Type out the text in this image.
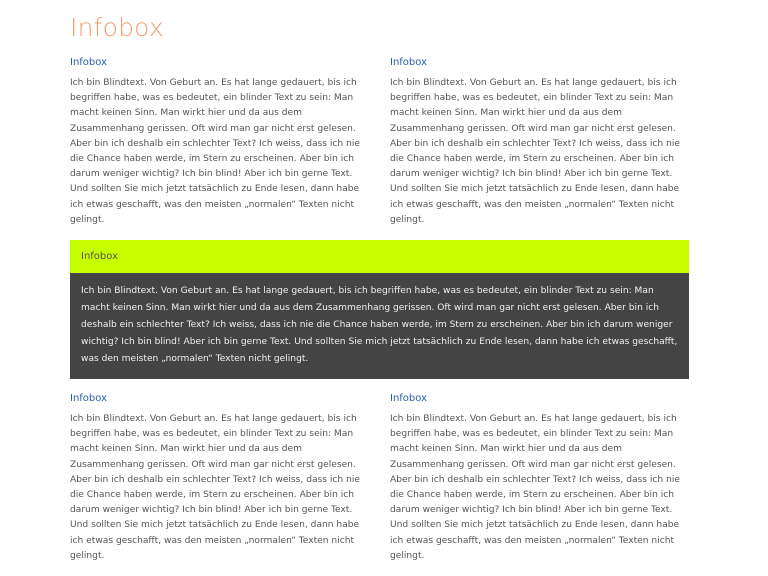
Infobox
Infobox

Ich bin Blindtext. Von Geburt an. Es hat lange gedauert, bis ich begriffen habe, was es bedeutet, ein blinder Text zu sein: Man macht keinen Sinn. Man wirkt hier und da aus dem Zusammenhang gerissen. Oft wird man gar nicht erst gelesen. Aber bin ich deshalb ein schlechter Text? Ich weiss, dass ich nie die Chance haben werde, im Stern zu erscheinen. Aber bin ich darum weniger wichtig? Ich bin blind! Aber ich bin gerne Text. Und sollten Sie mich jetzt tatsächlich zu Ende lesen, dann habe ich etwas geschafft, was den meisten „normalen“ Texten nicht gelingt.

Infobox

Ich bin Blindtext. Von Geburt an. Es hat lange gedauert, bis ich begriffen habe, was es bedeutet, ein blinder Text zu sein: Man macht keinen Sinn. Man wirkt hier und da aus dem Zusammenhang gerissen. Oft wird man gar nicht erst gelesen. Aber bin ich deshalb ein schlechter Text? Ich weiss, dass ich nie die Chance haben werde, im Stern zu erscheinen. Aber bin ich darum weniger wichtig? Ich bin blind! Aber ich bin gerne Text. Und sollten Sie mich jetzt tatsächlich zu Ende lesen, dann habe ich etwas geschafft, was den meisten „normalen“ Texten nicht gelingt.

Infobox

Ich bin Blindtext. Von Geburt an. Es hat lange gedauert, bis ich begriffen habe, was es bedeutet, ein blinder Text zu sein: Man macht keinen Sinn. Man wirkt hier und da aus dem Zusammenhang gerissen. Oft wird man gar nicht erst gelesen. Aber bin ich deshalb ein schlechter Text? Ich weiss, dass ich nie die Chance haben werde, im Stern zu erscheinen. Aber bin ich darum weniger wichtig? Ich bin blind! Aber ich bin gerne Text. Und sollten Sie mich jetzt tatsächlich zu Ende lesen, dann habe ich etwas geschafft, was den meisten „normalen“ Texten nicht gelingt.

Infobox

Ich bin Blindtext. Von Geburt an. Es hat lange gedauert, bis ich begriffen habe, was es bedeutet, ein blinder Text zu sein: Man macht keinen Sinn. Man wirkt hier und da aus dem Zusammenhang gerissen. Oft wird man gar nicht erst gelesen. Aber bin ich deshalb ein schlechter Text? Ich weiss, dass ich nie die Chance haben werde, im Stern zu erscheinen. Aber bin ich darum weniger wichtig? Ich bin blind! Aber ich bin gerne Text. Und sollten Sie mich jetzt tatsächlich zu Ende lesen, dann habe ich etwas geschafft, was den meisten „normalen“ Texten nicht gelingt.

Infobox

Ich bin Blindtext. Von Geburt an. Es hat lange gedauert, bis ich begriffen habe, was es bedeutet, ein blinder Text zu sein: Man macht keinen Sinn. Man wirkt hier und da aus dem Zusammenhang gerissen. Oft wird man gar nicht erst gelesen. Aber bin ich deshalb ein schlechter Text? Ich weiss, dass ich nie die Chance haben werde, im Stern zu erscheinen. Aber bin ich darum weniger wichtig? Ich bin blind! Aber ich bin gerne Text. Und sollten Sie mich jetzt tatsächlich zu Ende lesen, dann habe ich etwas geschafft, was den meisten „normalen“ Texten nicht gelingt.
